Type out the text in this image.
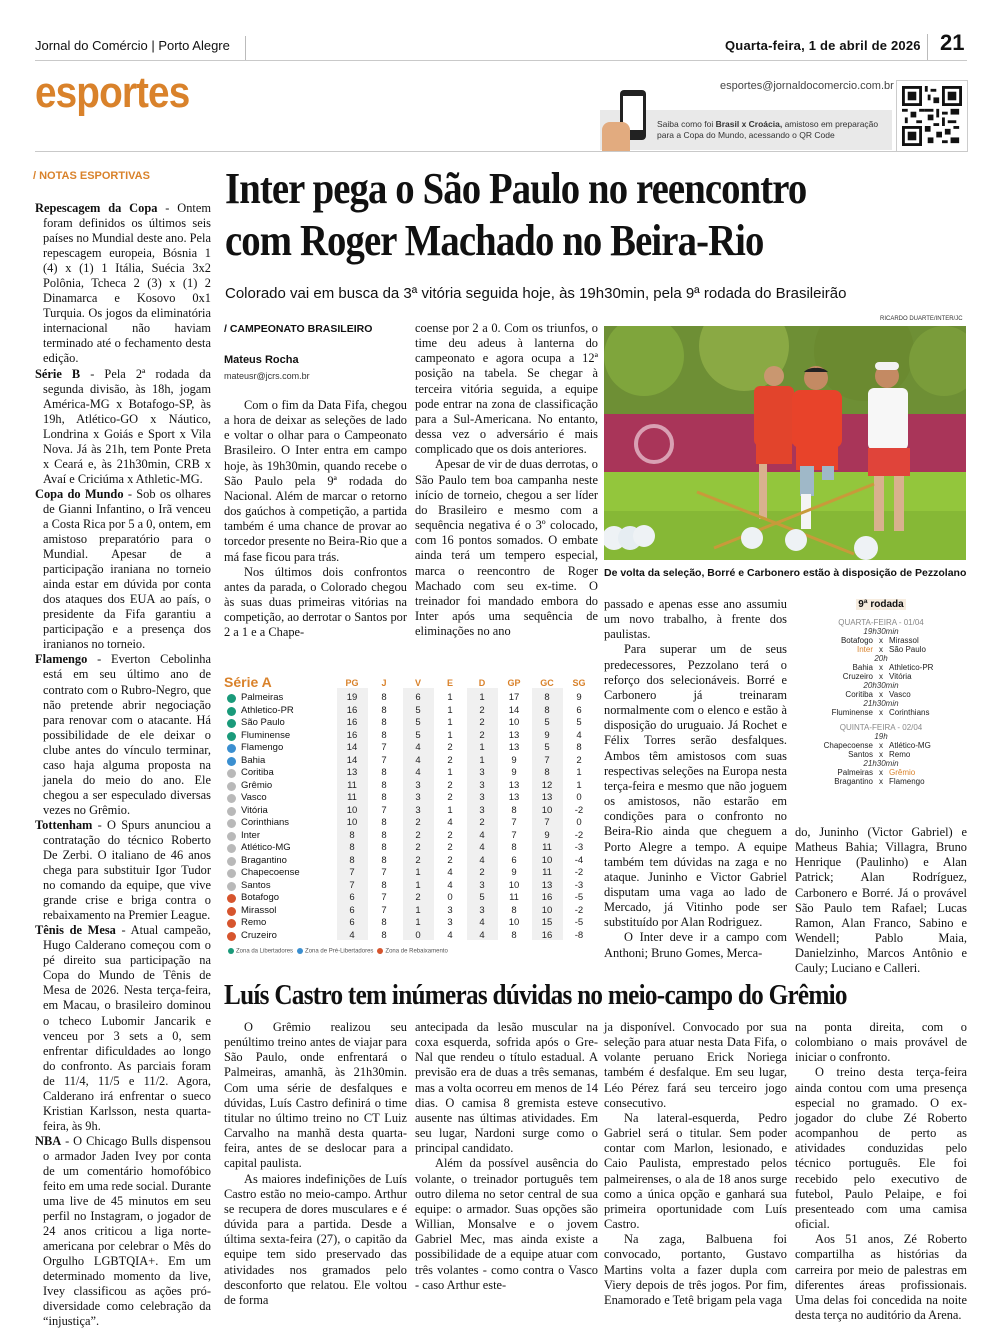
Jornal do Comércio | Porto Alegre	Quarta-feira, 1 de abril de 2026 21
esportes	esportes@jornaldocomercio.com.br
Saiba como foi Brasil x Croácia, amistoso em preparação para a Copa do Mundo, acessando o QR Code
/ NOTAS ESPORTIVAS

Repescagem da Copa - Ontem foram definidos os últimos seis países no Mundial deste ano. Pela repescagem europeia, Bósnia 1 (4) x (1) 1 Itália, Suécia 3x2 Polônia, Tcheca 2 (3) x (1) 2 Dinamarca e Kosovo 0x1 Turquia. Os jogos da eliminatória internacional não haviam terminado até o fechamento desta edição.

Série B - Pela 2ª rodada da segunda divisão, às 18h, jogam América-MG x Botafogo-SP, às 19h, Atlético-GO x Náutico, Londrina x Goiás e Sport x Vila Nova. Já às 21h, tem Ponte Preta x Ceará e, às 21h30min, CRB x Avaí e Criciúma x Athletic-MG.

Copa do Mundo - Sob os olhares de Gianni Infantino, o Irã venceu a Costa Rica por 5 a 0, ontem, em amistoso preparatório para o Mundial. Apesar de a participação iraniana no torneio ainda estar em dúvida por conta dos ataques dos EUA ao país, o presidente da Fifa garantiu a participação e a presença dos iranianos no torneio.

Flamengo - Everton Cebolinha está em seu último ano de contrato com o Rubro-Negro, que não pretende abrir negociação para renovar com o atacante. Há possibilidade de ele deixar o clube antes do vínculo terminar, caso haja alguma proposta na janela do meio do ano. Ele chegou a ser especulado diversas vezes no Grêmio.

Tottenham - O Spurs anunciou a contratação do técnico Roberto De Zerbi. O italiano de 46 anos chega para substituir Igor Tudor no comando da equipe, que vive grande crise e briga contra o rebaixamento na Premier League.

Tênis de Mesa - Atual campeão, Hugo Calderano começou com o pé direito sua participação na Copa do Mundo de Tênis de Mesa de 2026. Nesta terça-feira, em Macau, o brasileiro dominou o tcheco Lubomir Jancarik e venceu por 3 sets a 0, sem enfrentar dificuldades ao longo do confronto. As parciais foram de 11/4, 11/5 e 11/2. Agora, Calderano irá enfrentar o sueco Kristian Karlsson, nesta quarta-feira, às 9h.

NBA - O Chicago Bulls dispensou o armador Jaden Ivey por conta de um comentário homofóbico feito em uma rede social. Durante uma live de 45 minutos em seu perfil no Instagram, o jogador de 24 anos criticou a liga norte-americana por celebrar o Mês do Orgulho LGBTQIA+. Em um determinado momento da live, Ivey classificou as ações pró-diversidade como celebração da “injustiça”.

Inter pega o São Paulo no reencontro
com Roger Machado no Beira-Rio
Colorado vai em busca da 3ª vitória seguida hoje, às 19h30min, pela 9ª rodada do Brasileirão
/ CAMPEONATO BRASILEIRO
Mateus Rocha
mateusr@jcrs.com.br

Com o fim da Data Fifa, chegou a hora de deixar as seleções de lado e voltar o olhar para o Campeonato Brasileiro. O Inter entra em campo hoje, às 19h30min, quando recebe o São Paulo pela 9ª rodada do Nacional. Além de marcar o retorno dos gaúchos à competição, a partida também é uma chance de provar ao torcedor presente no Beira-Rio que a má fase ficou para trás.

Nos últimos dois confrontos antes da parada, o Colorado chegou às suas duas primeiras vitórias na competição, ao derrotar o Santos por 2 a 1 e a Chape-

coense por 2 a 0. Com os triunfos, o time deu adeus à lanterna do campeonato e agora ocupa a 12ª posição na tabela. Se chegar à terceira vitória seguida, a equipe pode entrar na zona de classificação para a Sul-Americana. No entanto, dessa vez o adversário é mais complicado que os dois anteriores.

Apesar de vir de duas derrotas, o São Paulo tem boa campanha neste início de torneio, chegou a ser líder do Brasileiro e mesmo com a sequência negativa é o 3º colocado, com 16 pontos somados. O embate ainda terá um tempero especial, marca o reencontro de Roger Machado com seu ex-time. O treinador foi mandado embora do Inter após uma sequência de eliminações no ano

RICARDO DUARTE/INTER/JC
De volta da seleção, Borré e Carbonero estão à disposição de Pezzolano
Série A	PG	J	V	E	D	GP	GC	SG
Palmeiras	19	8	6	1	1	17	8	9
Athletico-PR	16	8	5	1	2	14	8	6
São Paulo	16	8	5	1	2	10	5	5
Fluminense	16	8	5	1	2	13	9	4
Flamengo	14	7	4	2	1	13	5	8
Bahia	14	7	4	2	1	9	7	2
Coritiba	13	8	4	1	3	9	8	1
Grêmio	11	8	3	2	3	13	12	1
Vasco	11	8	3	2	3	13	13	0
Vitória	10	7	3	1	3	8	10	-2
Corinthians	10	8	2	4	2	7	7	0
Inter	8	8	2	2	4	7	9	-2
Atlético-MG	8	8	2	2	4	8	11	-3
Bragantino	8	8	2	2	4	6	10	-4
Chapecoense	7	7	1	4	2	9	11	-2
Santos	7	8	1	4	3	10	13	-3
Botafogo	6	7	2	0	5	11	16	-5
Mirassol	6	7	1	3	3	8	10	-2
Remo	6	8	1	3	4	10	15	-5
Cruzeiro	4	8	0	4	4	8	16	-8
Zona da Libertadores Zona de Pré-Libertadores Zona de Rebaixamento

passado e apenas esse ano assumiu um novo trabalho, à frente dos paulistas.

Para superar um de seus predecessores, Pezzolano terá o reforço dos selecionáveis. Borré e Carbonero já treinaram normalmente com o elenco e estão à disposição do uruguaio. Já Rochet e Félix Torres serão desfalques. Ambos têm amistosos com suas respectivas seleções na Europa nesta terça-feira e mesmo que não joguem os amistosos, não estarão em condições para o confronto no Beira-Rio ainda que cheguem a Porto Alegre a tempo. A equipe também tem dúvidas na zaga e no ataque. Juninho e Victor Gabriel disputam uma vaga ao lado de Mercado, já Vitinho pode ser substituído por Alan Rodriguez.

O Inter deve ir a campo com Anthoni; Bruno Gomes, Merca-

9ª rodada
QUARTA-FEIRA - 01/04
19h30min
Botafogo x Mirassol
Inter x São Paulo
20h
Bahia x Athletico-PR
Cruzeiro x Vitória
20h30min
Coritiba x Vasco
21h30min
Fluminense x Corinthians
QUINTA-FEIRA - 02/04
19h
Chapecoense x Atlético-MG
Santos x Remo
21h30min
Palmeiras x Grêmio
Bragantino x Flamengo

do, Juninho (Victor Gabriel) e Matheus Bahia; Villagra, Bruno Henrique (Paulinho) e Alan Patrick; Alan Rodríguez, Carbonero e Borré. Já o provável São Paulo tem Rafael; Lucas Ramon, Alan Franco, Sabino e Wendell; Pablo Maia, Danielzinho, Marcos Antônio e Cauly; Luciano e Calleri.

Luís Castro tem inúmeras dúvidas no meio-campo do Grêmio

O Grêmio realizou seu penúltimo treino antes de viajar para São Paulo, onde enfrentará o Palmeiras, amanhã, às 21h30min. Com uma série de desfalques e dúvidas, Luís Castro definirá o time titular no último treino no CT Luiz Carvalho na manhã desta quarta-feira, antes de se deslocar para a capital paulista.

As maiores indefinições de Luís Castro estão no meio-campo. Arthur se recupera de dores musculares e é dúvida para a partida. Desde a última sexta-feira (27), o capitão da equipe tem sido preservado das atividades nos gramados pelo desconforto que relatou. Ele voltou de forma

antecipada da lesão muscular na coxa esquerda, sofrida após o Gre-Nal que rendeu o título estadual. A previsão era de duas a três semanas, mas a volta ocorreu em menos de 14 dias. O camisa 8 gremista esteve ausente nas últimas atividades. Em seu lugar, Nardoni surge como o principal candidato.

Além da possível ausência do volante, o treinador português tem outro dilema no setor central de sua equipe: o armador. Suas opções são Willian, Monsalve e o jovem Gabriel Mec, mas ainda existe a possibilidade de a equipe atuar com três volantes - como contra o Vasco - caso Arthur este-

ja disponível. Convocado por sua seleção para atuar nesta Data Fifa, o volante peruano Erick Noriega também é desfalque. Em seu lugar, Léo Pérez fará seu terceiro jogo consecutivo.

Na lateral-esquerda, Pedro Gabriel será o titular. Sem poder contar com Marlon, lesionado, e Caio Paulista, emprestado pelos palmeirenses, o ala de 18 anos surge como a única opção e ganhará sua primeira oportunidade com Luís Castro.

Na zaga, Balbuena foi convocado, portanto, Gustavo Martins volta a fazer dupla com Viery depois de três jogos. Por fim, Enamorado e Tetê brigam pela vaga

na ponta direita, com o colombiano o mais provável de iniciar o confronto.

O treino desta terça-feira ainda contou com uma presença especial no gramado. O ex-jogador do clube Zé Roberto acompanhou de perto as atividades conduzidas pelo técnico português. Ele foi recebido pelo executivo de futebol, Paulo Pelaipe, e foi presenteado com uma camisa oficial.

Aos 51 anos, Zé Roberto compartilha as histórias da carreira por meio de palestras em diferentes áreas profissionais. Uma delas foi concedida na noite desta terça no auditório da Arena.
